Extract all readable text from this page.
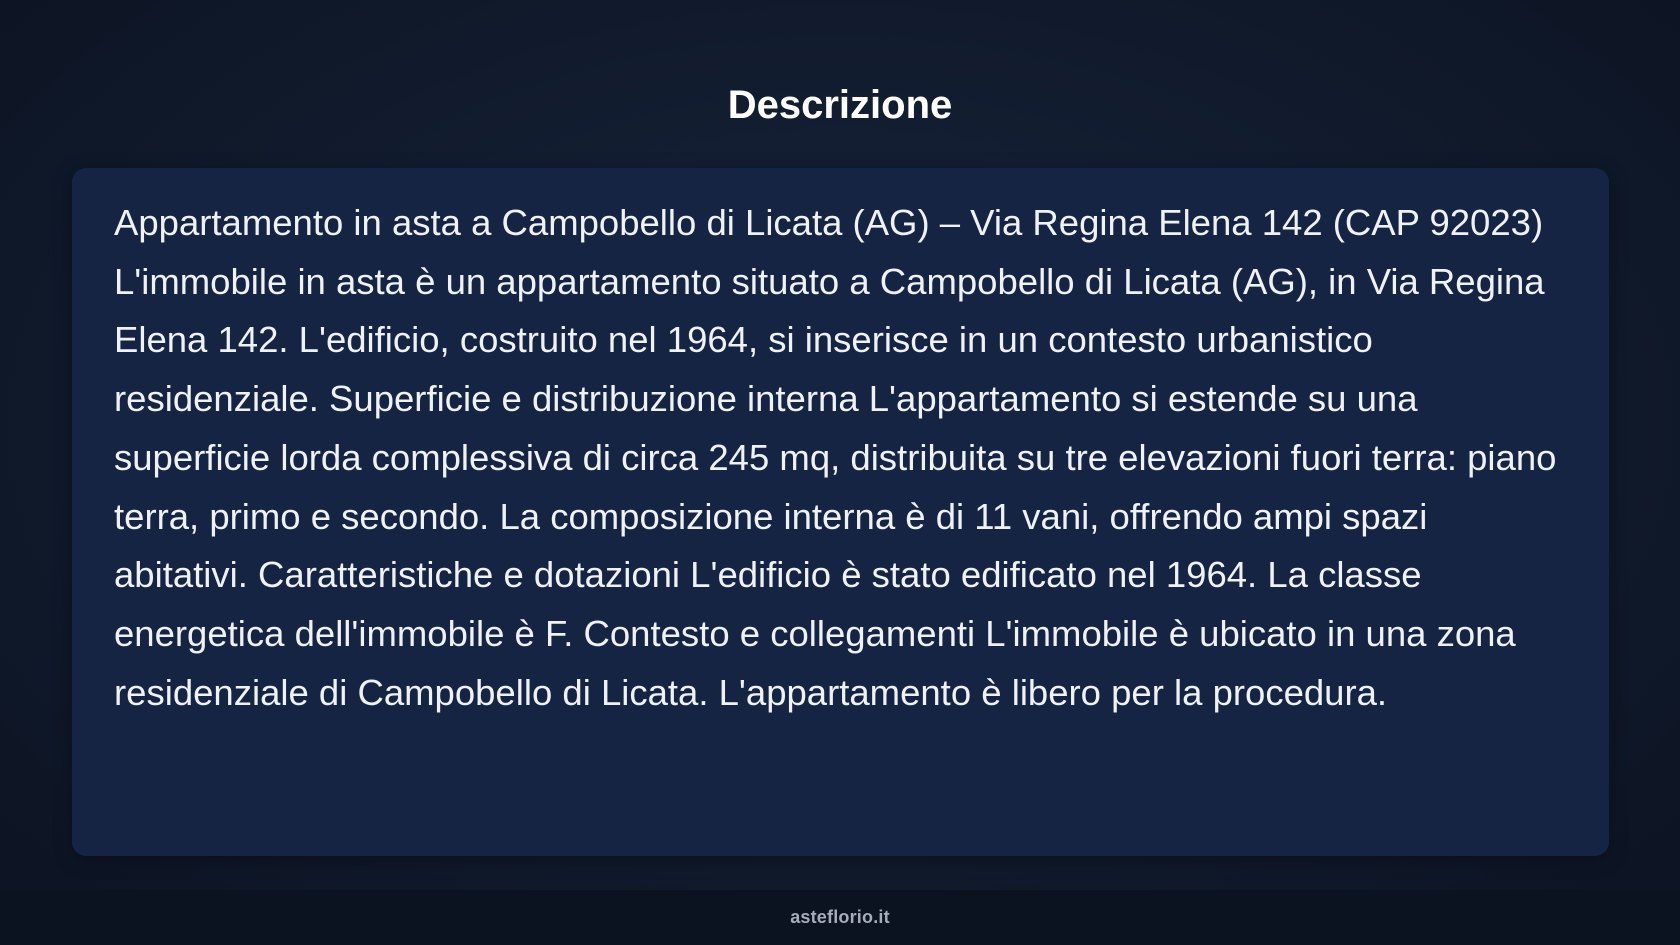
Descrizione

Appartamento in asta a Campobello di Licata (AG) – Via Regina Elena 142 (CAP 92023) L'immobile in asta è un appartamento situato a Campobello di Licata (AG), in Via Regina Elena 142. L'edificio, costruito nel 1964, si inserisce in un contesto urbanistico residenziale. Superficie e distribuzione interna L'appartamento si estende su una superficie lorda complessiva di circa 245 mq, distribuita su tre elevazioni fuori terra: piano terra, primo e secondo. La composizione interna è di 11 vani, offrendo ampi spazi abitativi. Caratteristiche e dotazioni L'edificio è stato edificato nel 1964. La classe energetica dell'immobile è F. Contesto e collegamenti L'immobile è ubicato in una zona residenziale di Campobello di Licata. L'appartamento è libero per la procedura.

asteflorio.it
